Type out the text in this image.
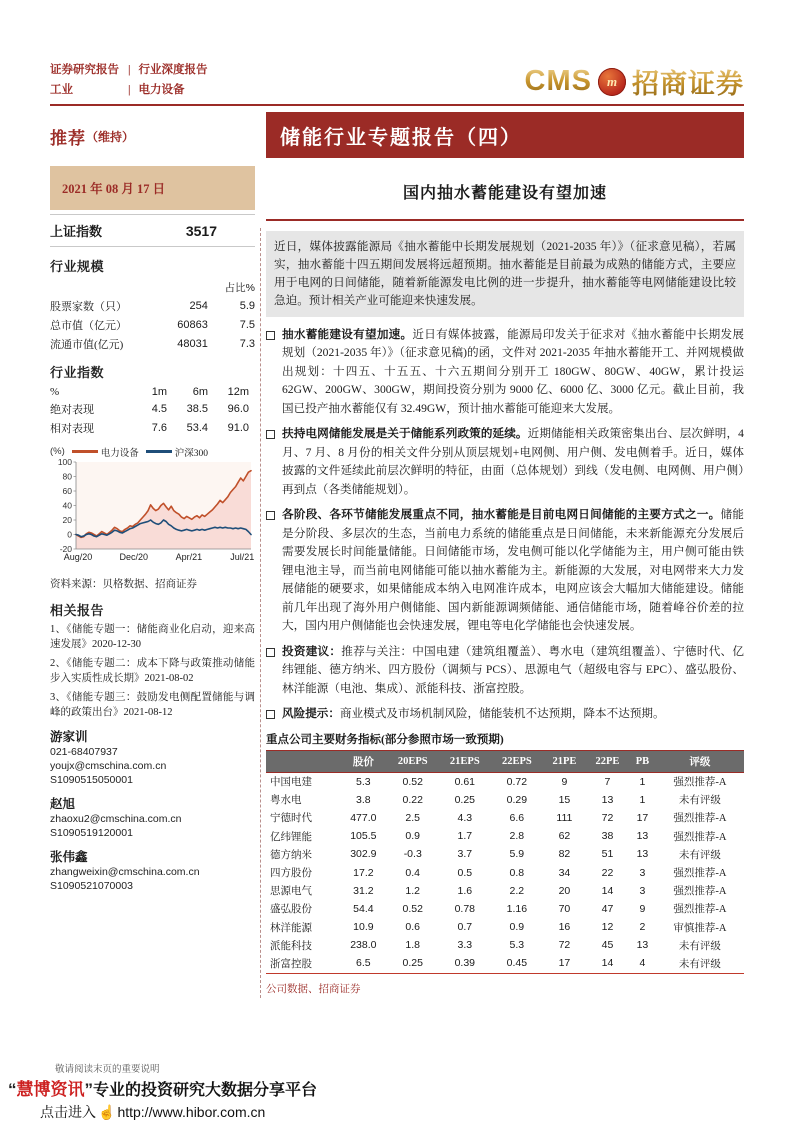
证券研究报告 | 行业深度报告
工业	| 电力设备	CMS	m 招商证券
推荐 （维持）
2021 年 08 月 17 日
上证指数	3517
行业规模
		占比%
股票家数（只）	254	5.9
总市值（亿元）	60863	7.5
流通市值(亿元)	48031	7.3
行业指数
%	1m	6m	12m
绝对表现	4.5	38.5	96.0
相对表现	7.6	53.4	91.0
(%)	电力设备	沪深300
-20
0
20
40
60
80
100
Aug/20	Dec/20	Apr/21	Jul/21
资料来源：贝格数据、招商证券
相关报告
1、《储能专题一：储能商业化启动，迎来高速发展》2020-12-30
2、《储能专题二：成本下降与政策推动储能步入实质性成长期》2021-08-02
3、《储能专题三：鼓励发电侧配置储能与调峰的政策出台》2021-08-12
游家训
021-68407937
youjx@cmschina.com.cn
S1090515050001
赵旭
zhaoxu2@cmschina.com.cn
S1090519120001
张伟鑫
zhangweixin@cmschina.com.cn
S1090521070003
储能行业专题报告（四）
国内抽水蓄能建设有望加速
近日，媒体披露能源局《抽水蓄能中长期发展规划（2021-2035 年）》（征求意见稿），若属实，抽水蓄能十四五期间发展将远超预期。抽水蓄能是目前最为成熟的储能方式，主要应用于电网的日间储能，随着新能源发电比例的进一步提升，抽水蓄能等电网储能建设比较急迫。预计相关产业可能迎来快速发展。
抽水蓄能建设有望加速。近日有媒体披露，能源局印发关于征求对《抽水蓄能中长期发展规划（2021-2035 年）》（征求意见稿)的函，文件对 2021-2035 年抽水蓄能开工、并网规模做出规划：十四五、十五五、十六五期间分别开工 180GW、80GW、40GW，累计投运 62GW、200GW、300GW，期间投资分别为 9000 亿、6000 亿、3000 亿元。截止目前，我国已投产抽水蓄能仅有 32.49GW，预计抽水蓄能可能迎来大发展。
扶持电网储能发展是关于储能系列政策的延续。近期储能相关政策密集出台、层次鲜明，4 月、7 月、8 月份的相关文件分别从顶层规划+电网侧、用户侧、发电侧着手。近日，媒体披露的文件延续此前层次鲜明的特征，由面（总体规划）到线（发电侧、电网侧、用户侧）再到点（各类储能规划）。
各阶段、各环节储能发展重点不同，抽水蓄能是目前电网日间储能的主要方式之一。储能是分阶段、多层次的生态，当前电力系统的储能重点是日间储能，未来新能源充分发展后需要发展长时间能量储能。日间储能市场，发电侧可能以化学储能为主，用户侧可能由铁锂电池主导，而当前电网储能可能以抽水蓄能为主。新能源的大发展，对电网带来大力发展储能的硬要求，如果储能成本纳入电网准许成本，电网应该会大幅加大储能建设。储能前几年出现了海外用户侧储能、国内新能源调频储能、通信储能市场，随着峰谷价差的拉大，国内用户侧储能也会快速发展，锂电等电化学储能也会快速发展。
投资建议：推荐与关注：中国电建（建筑组覆盖）、粤水电（建筑组覆盖）、宁德时代、亿纬锂能、德方纳米、四方股份（调频与 PCS）、思源电气（超级电容与 EPC）、盛弘股份、林洋能源（电池、集成）、派能科技、浙富控股。
风险提示：商业模式及市场机制风险，储能装机不达预期，降本不达预期。
重点公司主要财务指标(部分参照市场一致预期)
	股价	20EPS	21EPS	22EPS	21PE	22PE	PB	评级
中国电建	5.3	0.52	0.61	0.72	9	7	1	强烈推荐-A
粤水电	3.8	0.22	0.25	0.29	15	13	1	未有评级
宁德时代	477.0	2.5	4.3	6.6	111	72	17	强烈推荐-A
亿纬锂能	105.5	0.9	1.7	2.8	62	38	13	强烈推荐-A
德方纳米	302.9	-0.3	3.7	5.9	82	51	13	未有评级
四方股份	17.2	0.4	0.5	0.8	34	22	3	强烈推荐-A
思源电气	31.2	1.2	1.6	2.2	20	14	3	强烈推荐-A
盛弘股份	54.4	0.52	0.78	1.16	70	47	9	强烈推荐-A
林洋能源	10.9	0.6	0.7	0.9	16	12	2	审慎推荐-A
派能科技	238.0	1.8	3.3	5.3	72	45	13	未有评级
浙富控股	6.5	0.25	0.39	0.45	17	14	4	未有评级
公司数据、招商证券
敬请阅读末页的重要说明
“ 慧博资讯 ” 专业的投资研究大数据分享平台
点击进入 ☝ http://www.hibor.com.cn
